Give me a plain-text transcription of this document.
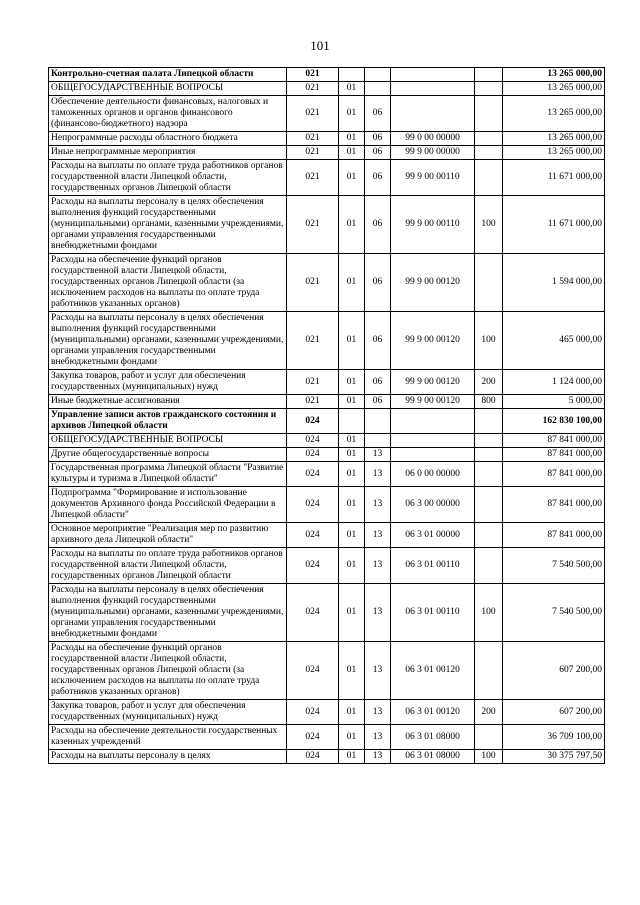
101
Контрольно-счетная палата Липецкой области	021					13 265 000,00
ОБЩЕГОСУДАРСТВЕННЫЕ ВОПРОСЫ	021	01				13 265 000,00
Обеспечение деятельности финансовых, налоговых и таможенных органов и органов финансового (финансово-бюджетного) надзора	021	01	06			13 265 000,00
Непрограммные расходы областного бюджета	021	01	06	99 0 00 00000		13 265 000,00
Иные непрограммные мероприятия	021	01	06	99 9 00 00000		13 265 000,00
Расходы на выплаты по оплате труда работников органов государственной власти Липецкой области, государственных органов Липецкой области	021	01	06	99 9 00 00110		11 671 000,00
Расходы на выплаты персоналу в целях обеспечения выполнения функций государственными (муниципальными) органами, казенными учреждениями, органами управления государственными внебюджетными фондами	021	01	06	99 9 00 00110	100	11 671 000,00
Расходы на обеспечение функций органов государственной власти Липецкой области, государственных органов Липецкой области (за исключением расходов на выплаты по оплате труда работников указанных органов)	021	01	06	99 9 00 00120		1 594 000,00
Расходы на выплаты персоналу в целях обеспечения выполнения функций государственными (муниципальными) органами, казенными учреждениями, органами управления государственными внебюджетными фондами	021	01	06	99 9 00 00120	100	465 000,00
Закупка товаров, работ и услуг для обеспечения государственных (муниципальных) нужд	021	01	06	99 9 00 00120	200	1 124 000,00
Иные бюджетные ассигнования	021	01	06	99 9 00 00120	800	5 000,00
Управление записи актов гражданского состояния и архивов Липецкой области	024					162 830 100,00
ОБЩЕГОСУДАРСТВЕННЫЕ ВОПРОСЫ	024	01				87 841 000,00
Другие общегосударственные вопросы	024	01	13			87 841 000,00
Государственная программа Липецкой области "Развитие культуры и туризма в Липецкой области"	024	01	13	06 0 00 00000		87 841 000,00
Подпрограмма "Формирование и использование документов Архивного фонда Российской Федерации в Липецкой области"	024	01	13	06 3 00 00000		87 841 000,00
Основное мероприятие "Реализация мер по развитию архивного дела Липецкой области"	024	01	13	06 3 01 00000		87 841 000,00
Расходы на выплаты по оплате труда работников органов государственной власти Липецкой области, государственных органов Липецкой области	024	01	13	06 3 01 00110		7 540 500,00
Расходы на выплаты персоналу в целях обеспечения выполнения функций государственными (муниципальными) органами, казенными учреждениями, органами управления государственными внебюджетными фондами	024	01	13	06 3 01 00110	100	7 540 500,00
Расходы на обеспечение функций органов государственной власти Липецкой области, государственных органов Липецкой области (за исключением расходов на выплаты по оплате труда работников указанных органов)	024	01	13	06 3 01 00120		607 200,00
Закупка товаров, работ и услуг для обеспечения государственных (муниципальных) нужд	024	01	13	06 3 01 00120	200	607 200,00
Расходы на обеспечение деятельности государственных казенных учреждений	024	01	13	06 3 01 08000		36 709 100,00
Расходы на выплаты персоналу в целях	024	01	13	06 3 01 08000	100	30 375 797,50
